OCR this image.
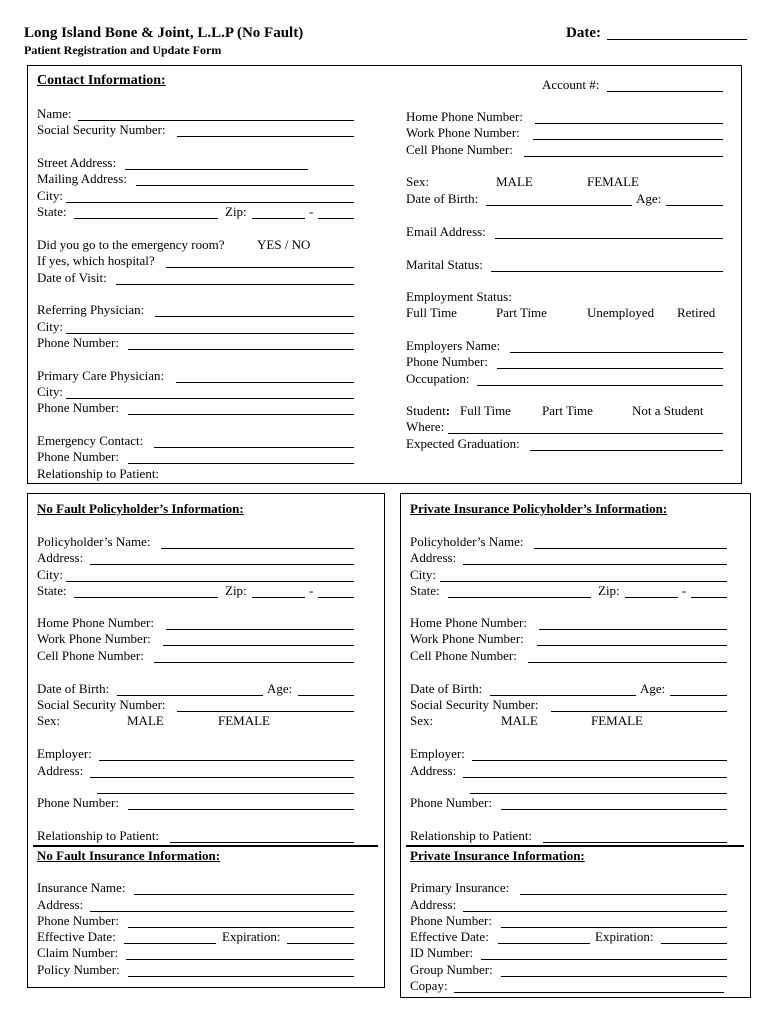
Long Island Bone & Joint, L.L.P (No Fault)
Patient Registration and Update Form
Date:
Contact Information:	Account #:
Name:
Social Security Number:
Street Address:
Mailing Address:
City:
State:	Zip:	-
Did you go to the emergency room?	YES / NO
If yes, which hospital?
Date of Visit:
Referring Physician:
City:
Phone Number:
Primary Care Physician:
City:
Phone Number:
Emergency Contact:
Phone Number:
Relationship to Patient:
Home Phone Number:
Work Phone Number:
Cell Phone Number:
Sex:	MALE	FEMALE
Date of Birth:	Age:
Email Address:
Marital Status:
Employment Status:
Full Time	Part Time	Unemployed Retired
Employers Name:
Phone Number:
Occupation:
Student: Full Time Part Time	Not a Student
Where:
Expected Graduation:
No Fault Policyholder’s Information:
Policyholder’s Name:
Address:
City:
State:	Zip:	-
Home Phone Number:
Work Phone Number:
Cell Phone Number:
Date of Birth:	Age:
Social Security Number:
Sex:	MALE	FEMALE
Employer:
Address:
Phone Number:
Relationship to Patient:
No Fault Insurance Information:
Insurance Name:
Address:
Phone Number:
Effective Date:	Expiration:
Claim Number:
Policy Number:
Private Insurance Policyholder’s Information:
Policyholder’s Name:
Address:
City:
State:	Zip:	-
Home Phone Number:
Work Phone Number:
Cell Phone Number:
Date of Birth:	Age:
Social Security Number:
Sex:	MALE	FEMALE
Employer:
Address:
Phone Number:
Relationship to Patient:
Private Insurance Information:
Primary Insurance:
Address:
Phone Number:
Effective Date:	Expiration:
ID Number:
Group Number:
Copay:
